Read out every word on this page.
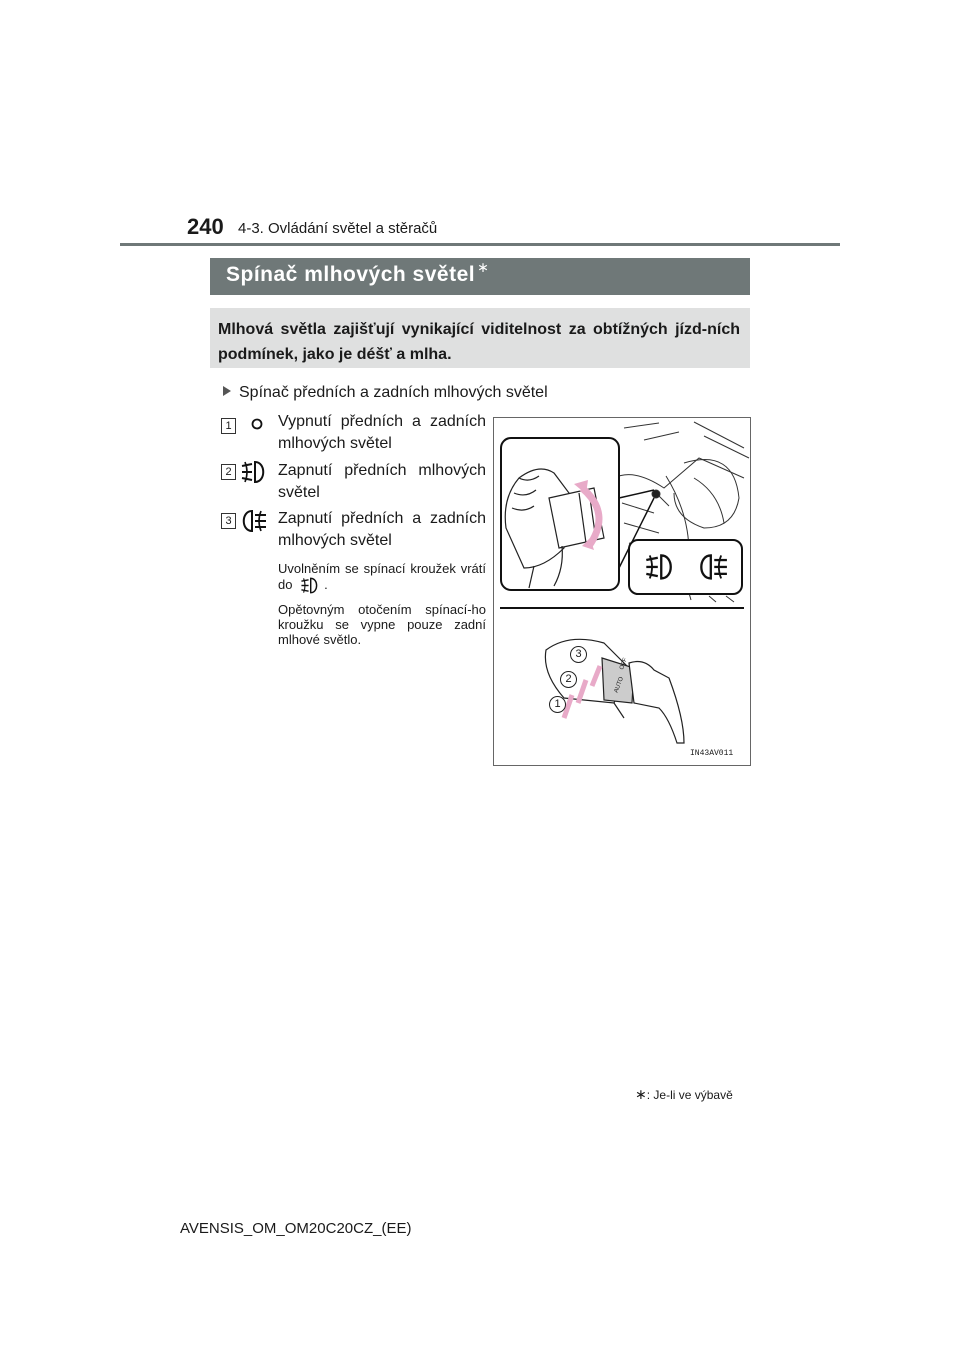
240 4-3. Ovládání světel a stěračů
Spínač mlhových světel ∗
Mlhová světla zajišťují vynikající viditelnost za obtížných jízd-ních podmínek, jako je déšť a mlha.
Spínač předních a zadních mlhových světel
1	Vypnutí předních a zadních mlhových světel
2	Zapnutí předních mlhových světel
3	Zapnutí předních a zadních mlhových světel
Uvolněním se spínací kroužek vrátí do .
Opětovným otočením spínací-ho kroužku se vypne pouze zadní mlhové světlo.
AUTO
OFF
3
2
1
IN43AV011
∗: Je-li ve výbavě
AVENSIS_OM_OM20C20CZ_(EE)
